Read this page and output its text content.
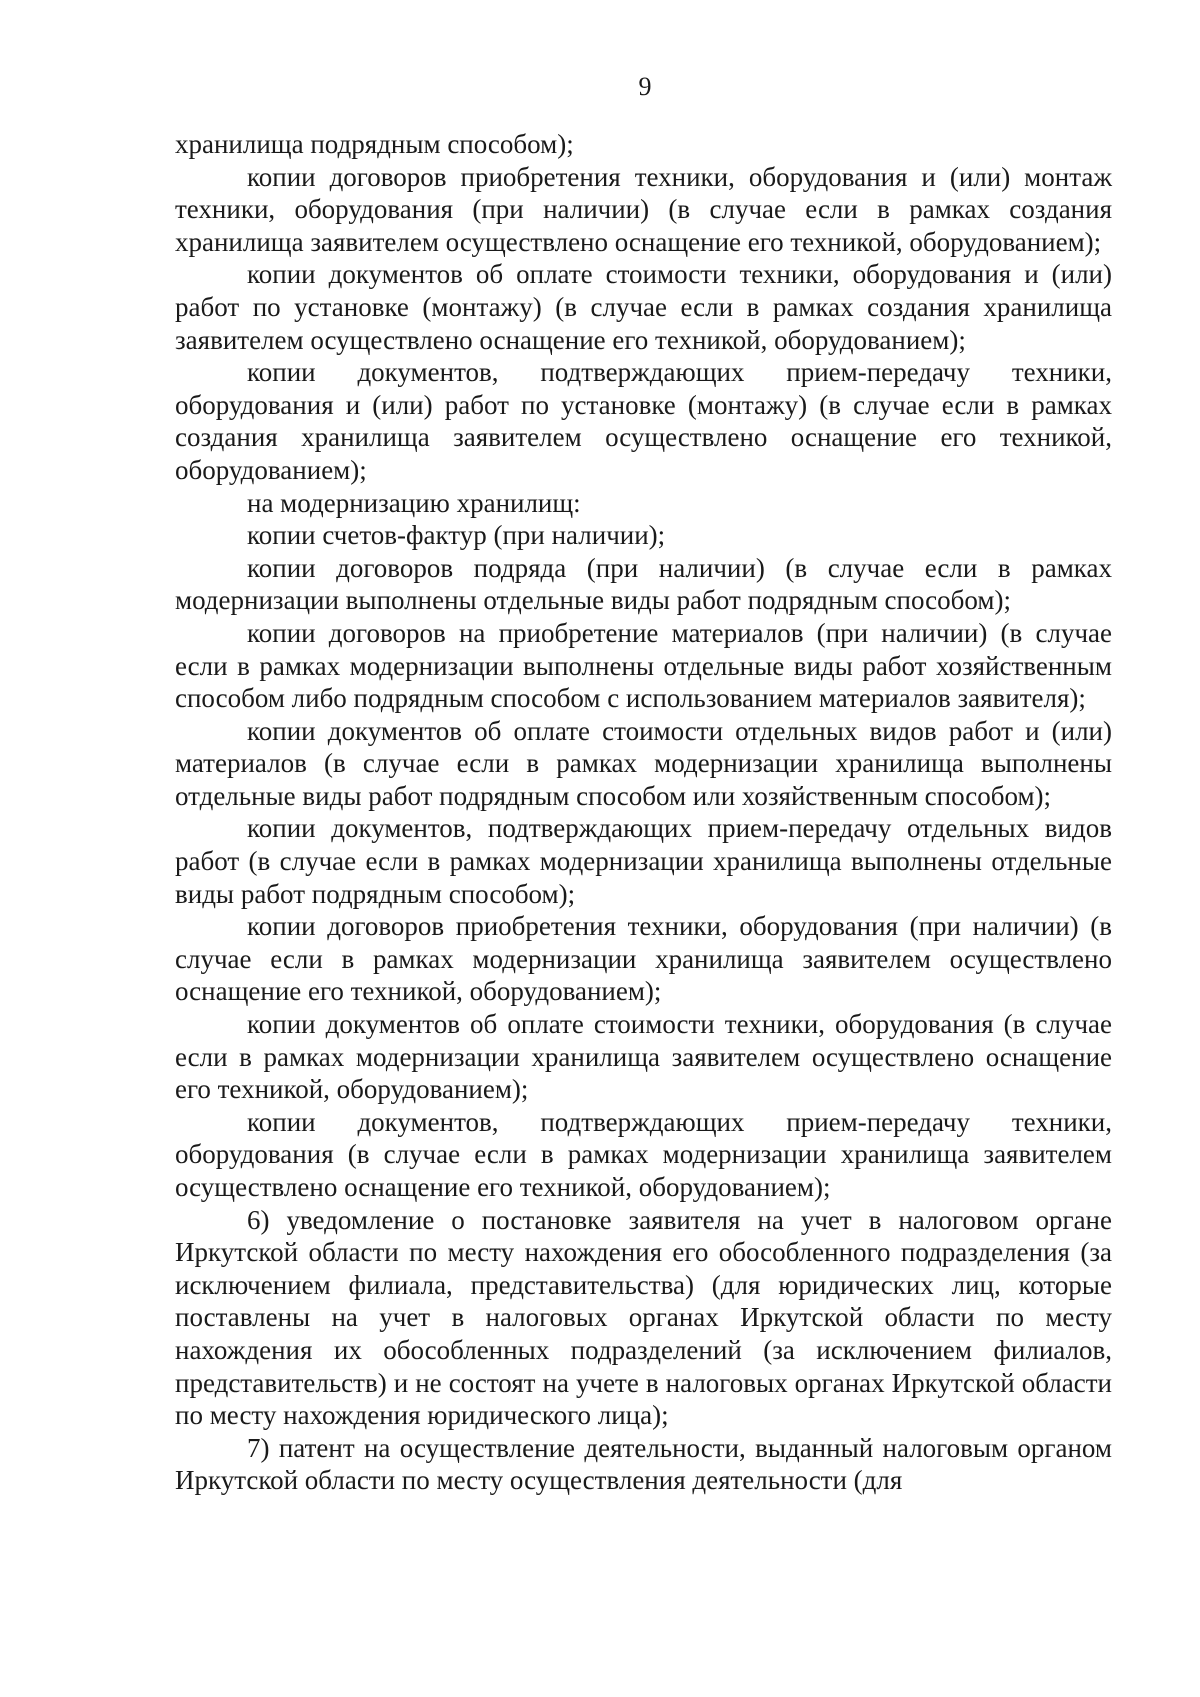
9

хранилища подрядным способом);

копии договоров приобретения техники, оборудования и (или) монтаж техники, оборудования (при наличии) (в случае если в рамках создания хранилища заявителем осуществлено оснащение его техникой, оборудованием);

копии документов об оплате стоимости техники, оборудования и (или) работ по установке (монтажу) (в случае если в рамках создания хранилища заявителем осуществлено оснащение его техникой, оборудованием);

копии документов, подтверждающих прием-передачу техники, оборудования и (или) работ по установке (монтажу) (в случае если в рамках создания хранилища заявителем осуществлено оснащение его техникой, оборудованием);

на модернизацию хранилищ:

копии счетов-фактур (при наличии);

копии договоров подряда (при наличии) (в случае если в рамках модернизации выполнены отдельные виды работ подрядным способом);

копии договоров на приобретение материалов (при наличии) (в случае если в рамках модернизации выполнены отдельные виды работ хозяйственным способом либо подрядным способом с использованием материалов заявителя);

копии документов об оплате стоимости отдельных видов работ и (или) материалов (в случае если в рамках модернизации хранилища выполнены отдельные виды работ подрядным способом или хозяйственным способом);

копии документов, подтверждающих прием-передачу отдельных видов работ (в случае если в рамках модернизации хранилища выполнены отдельные виды работ подрядным способом);

копии договоров приобретения техники, оборудования (при наличии) (в случае если в рамках модернизации хранилища заявителем осуществлено оснащение его техникой, оборудованием);

копии документов об оплате стоимости техники, оборудования (в случае если в рамках модернизации хранилища заявителем осуществлено оснащение его техникой, оборудованием);

копии документов, подтверждающих прием-передачу техники, оборудования (в случае если в рамках модернизации хранилища заявителем осуществлено оснащение его техникой, оборудованием);

6) уведомление о постановке заявителя на учет в налоговом органе Иркутской области по месту нахождения его обособленного подразделения (за исключением филиала, представительства) (для юридических лиц, которые поставлены на учет в налоговых органах Иркутской области по месту нахождения их обособленных подразделений (за исключением филиалов, представительств) и не состоят на учете в налоговых органах Иркутской области по месту нахождения юридического лица);

7) патент на осуществление деятельности, выданный налоговым органом Иркутской области по месту осуществления деятельности (для
